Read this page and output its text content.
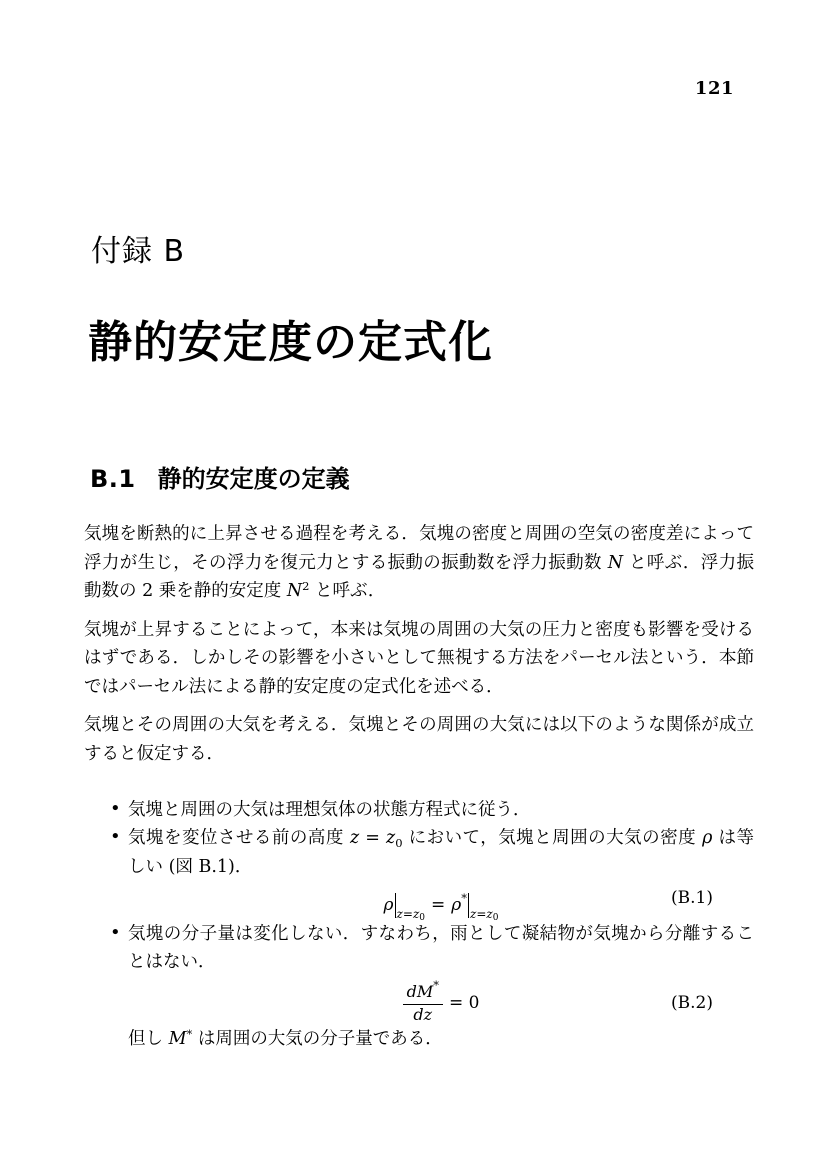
121
付録 B
静的安定度の定式化
B.1 静的安定度の定義

気塊を断熱的に上昇させる過程を考える．気塊の密度と周囲の空気の密度差によって浮力が生じ，その浮力を復元力とする振動の振動数を浮力振動数 N と呼ぶ．浮力振動数の 2 乗を静的安定度 $N^2$ と呼ぶ．

気塊が上昇することによって，本来は気塊の周囲の大気の圧力と密度も影響を受けるはずである．しかしその影響を小さいとして無視する方法をパーセル法という．本節ではパーセル法による静的安定度の定式化を述べる．

気塊とその周囲の大気を考える．気塊とその周囲の大気には以下のような関係が成立すると仮定する．

• 気塊と周囲の大気は理想気体の状態方程式に従う．
• 気塊を変位させる前の高度 $z = z_0$ において，気塊と周囲の大気の密度 ρ は等しい (図 B.1)．
ρ $_{z=z0}= \rho^*_{z=z0}$
(B.1)
• 気塊の分子量は変化しない．すなわち，雨として凝結物が気塊から分離することはない．
$\frac{dM^*}{dz} = 0$	(B.2)
但し M* は周囲の大気の分子量である．
